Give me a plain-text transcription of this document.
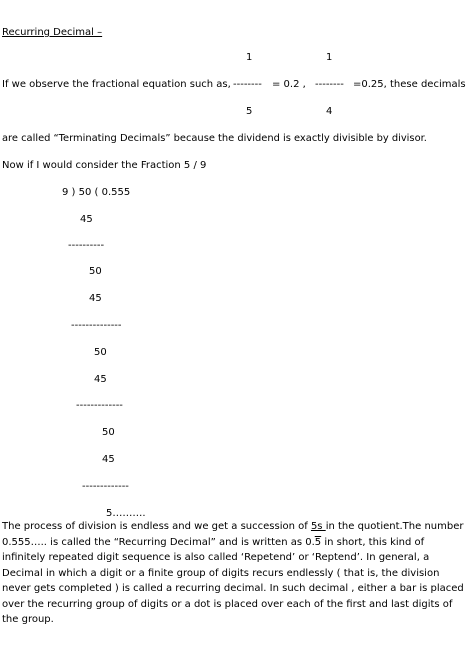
Recurring Decimal –
1	1
If we observe the fractional equation such as, -------- = 0.2 , -------- =0.25, these decimals
5	4
are called “Terminating Decimals” because the dividend is exactly divisible by divisor.
Now if I would consider the Fraction 5 / 9
9 ) 50 ( 0.555
45
----------
50
45
--------------
50
45
-------------
50
45
-------------
5……….
The process of division is endless and we get a succession of 5s in the quotient.The number 0.555….. is called the “Recurring Decimal” and is written as 0.5 in short, this kind of infinitely repeated digit sequence is also called ‘Repetend’ or ‘Reptend’. In general, a Decimal in which a digit or a finite group of digits recurs endlessly ( that is, the division never gets completed ) is called a recurring decimal. In such decimal , either a bar is placed over the recurring group of digits or a dot is placed over each of the first and last digits of the group.
